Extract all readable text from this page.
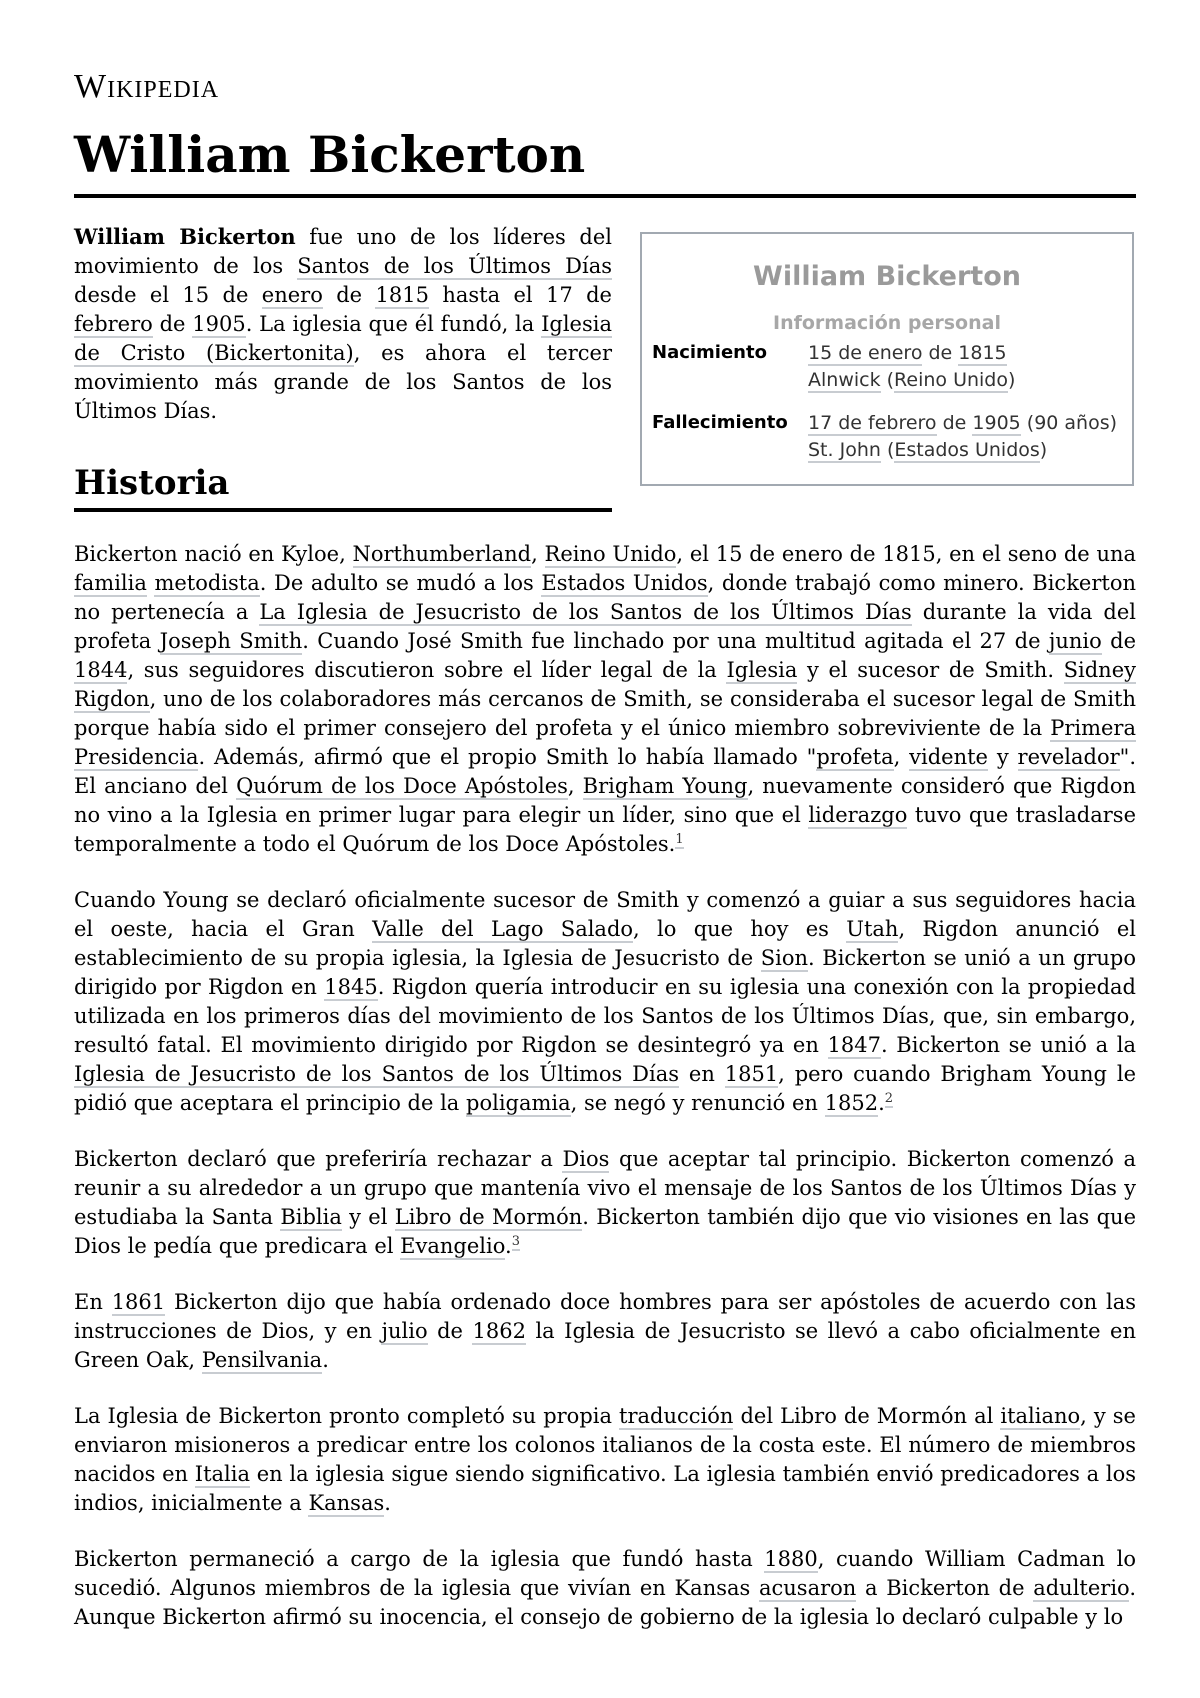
Wikipedia
William Bickerton
William Bickerton fue uno de los líderes del movimiento de los Santos de los Últimos Días desde el 15 de enero de 1815 hasta el 17 de febrero de 1905. La iglesia que él fundó, la Iglesia de Cristo (Bickertonita), es ahora el tercer movimiento más grande de los Santos de los Últimos Días.
Historia
William Bickerton
Información personal
Nacimiento 15 de enero de 1815
Alnwick (Reino Unido)
Fallecimiento 17 de febrero de 1905 (90 años)
St. John (Estados Unidos)

Bickerton nació en Kyloe, Northumberland, Reino Unido, el 15 de enero de 1815, en el seno de una familia metodista. De adulto se mudó a los Estados Unidos, donde trabajó como minero. Bickerton no pertenecía a La Iglesia de Jesucristo de los Santos de los Últimos Días durante la vida del profeta Joseph Smith. Cuando José Smith fue linchado por una multitud agitada el 27 de junio de 1844, sus seguidores discutieron sobre el líder legal de la Iglesia y el sucesor de Smith. Sidney Rigdon, uno de los colaboradores más cercanos de Smith, se consideraba el sucesor legal de Smith porque había sido el primer consejero del profeta y el único miembro sobreviviente de la Primera Presidencia. Además, afirmó que el propio Smith lo había llamado "profeta, vidente y revelador". El anciano del Quórum de los Doce Apóstoles, Brigham Young, nuevamente consideró que Rigdon no vino a la Iglesia en primer lugar para elegir un líder, sino que el liderazgo tuvo que trasladarse temporalmente a todo el Quórum de los Doce Apóstoles.$^1$

Cuando Young se declaró oficialmente sucesor de Smith y comenzó a guiar a sus seguidores hacia el oeste, hacia el Gran Valle del Lago Salado, lo que hoy es Utah, Rigdon anunció el establecimiento de su propia iglesia, la Iglesia de Jesucristo de Sion. Bickerton se unió a un grupo dirigido por Rigdon en 1845. Rigdon quería introducir en su iglesia una conexión con la propiedad utilizada en los primeros días del movimiento de los Santos de los Últimos Días, que, sin embargo, resultó fatal. El movimiento dirigido por Rigdon se desintegró ya en 1847. Bickerton se unió a la Iglesia de Jesucristo de los Santos de los Últimos Días en 1851, pero cuando Brigham Young le pidió que aceptara el principio de la poligamia, se negó y renunció en 1852.$^2$

Bickerton declaró que preferiría rechazar a Dios que aceptar tal principio. Bickerton comenzó a reunir a su alrededor a un grupo que mantenía vivo el mensaje de los Santos de los Últimos Días y estudiaba la Santa Biblia y el Libro de Mormón. Bickerton también dijo que vio visiones en las que Dios le pedía que predicara el Evangelio.$^3$

En 1861 Bickerton dijo que había ordenado doce hombres para ser apóstoles de acuerdo con las instrucciones de Dios, y en julio de 1862 la Iglesia de Jesucristo se llevó a cabo oficialmente en Green Oak, Pensilvania.

La Iglesia de Bickerton pronto completó su propia traducción del Libro de Mormón al italiano, y se enviaron misioneros a predicar entre los colonos italianos de la costa este. El número de miembros nacidos en Italia en la iglesia sigue siendo significativo. La iglesia también envió predicadores a los indios, inicialmente a Kansas.

Bickerton permaneció a cargo de la iglesia que fundó hasta 1880, cuando William Cadman lo sucedió. Algunos miembros de la iglesia que vivían en Kansas acusaron a Bickerton de adulterio. Aunque Bickerton afirmó su inocencia, el consejo de gobierno de la iglesia lo declaró culpable y lo
